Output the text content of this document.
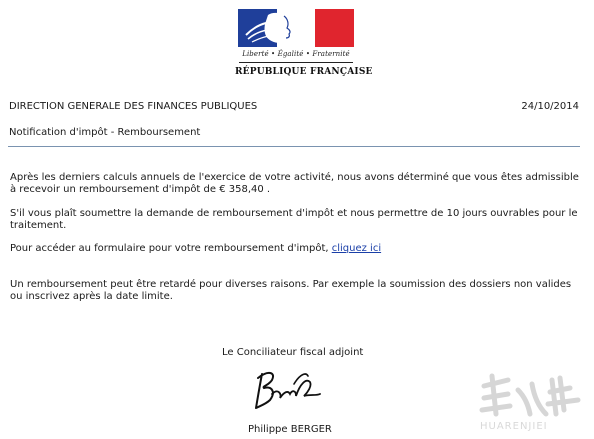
Liberté • Égalité • Fraternité
RÉPUBLIQUE FRANÇAISE
DIRECTION GENERALE DES FINANCES PUBLIQUES	24/10/2014
Notification d'impôt - Remboursement
Après les derniers calculs annuels de l'exercice de votre activité, nous avons déterminé que vous êtes admissible à recevoir un remboursement d'impôt de € 358,40 .
S'il vous plaît soumettre la demande de remboursement d'impôt et nous permettre de 10 jours ouvrables pour le traitement.
Pour accéder au formulaire pour votre remboursement d'impôt, cliquez ici
Un remboursement peut être retardé pour diverses raisons. Par exemple la soumission des dossiers non valides ou inscrivez après la date limite.
Le Conciliateur fiscal adjoint
Philippe BERGER	HUARENJIEI
